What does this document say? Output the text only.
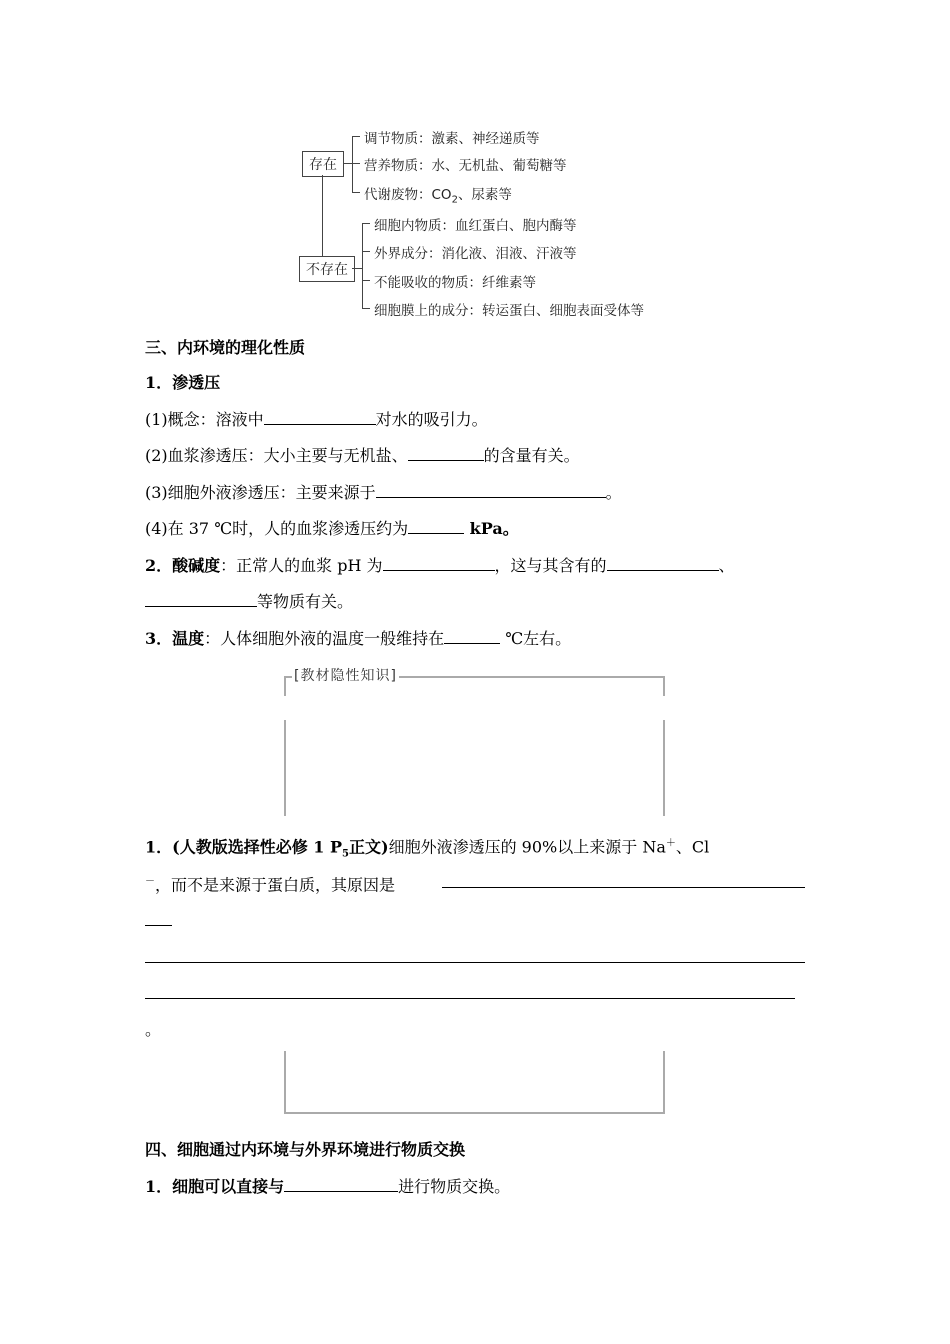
存在
不存在
调节物质：激素、神经递质等
营养物质：水、无机盐、葡萄糖等
代谢废物：$CO_2$、尿素等
细胞内物质：血红蛋白、胞内酶等
外界成分：消化液、泪液、汗液等
不能吸收的物质：纤维素等
细胞膜上的成分：转运蛋白、细胞表面受体等
三、内环境的理化性质
1．渗透压
(1)概念：溶液中	对水的吸引力。
(2)血浆渗透压：大小主要与无机盐、	的含量有关。
(3)细胞外液渗透压：主要来源于	。
(4)在 37 ℃时，人的血浆渗透压约为	kPa。
2．酸碱度：正常人的血浆 pH 为	，这与其含有的	、
等物质有关。
3．温度：人体细胞外液的温度一般维持在	℃左右。
[教材隐性知识]
1．(人教版选择性必修 1 $P_5$正文)细胞外液渗透压的 90%以上来源于 Na＋、Cl
－，而不是来源于蛋白质，其原因是
。
四、细胞通过内环境与外界环境进行物质交换
1．细胞可以直接与	进行物质交换。
